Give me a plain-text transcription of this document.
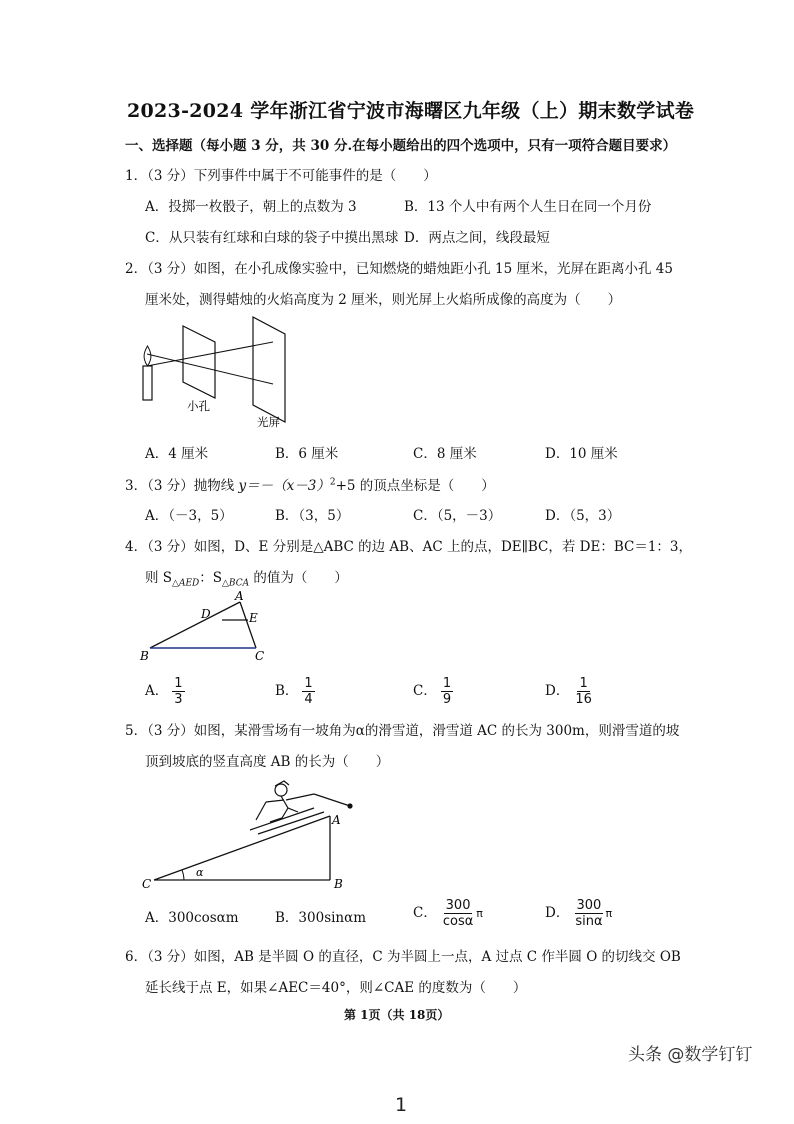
2023-2024 学年浙江省宁波市海曙区九年级（上）期末数学试卷
一、选择题（每小题 3 分，共 30 分.在每小题给出的四个选项中，只有一项符合题目要求）
1．（3 分）下列事件中属于不可能事件的是（　　）
A．投掷一枚骰子，朝上的点数为 3	B．13 个人中有两个人生日在同一个月份
C．从只装有红球和白球的袋子中摸出黑球 D．两点之间，线段最短
2．（3 分）如图，在小孔成像实验中，已知燃烧的蜡烛距小孔 15 厘米，光屏在距离小孔 45
厘米处，测得蜡烛的火焰高度为 2 厘米，则光屏上火焰所成像的高度为（　　）
小孔
光屏
A．4 厘米	B．6 厘米	C．8 厘米	D．10 厘米
3．（3 分）抛物线 $y=-(x-3)^2+5$ 的顶点坐标是（　　）
A．（－3，5）	B．（3，5）	C．（5，－3）	D．（5，3）
4．（3 分）如图，D、E 分别是△ABC 的边 AB、AC 上的点，DE∥BC，若 DE：BC＝1：3，
则 $S_{\triangle AED}$：$S_{\triangle BCA}$ 的值为（　　）
A
B	C
D	E
A． $\frac{1}{3}$	B． $\frac{1}{4}$	C． $\frac{1}{9}$	D． $\frac{1}{16}$
5．（3 分）如图，某滑雪场有一坡角为α的滑雪道，滑雪道 AC 的长为 300m，则滑雪道的坡
顶到坡底的竖直高度 AB 的长为（　　）
A
B
C
α
A．300cosαm	B．300sinαm	C． $\frac{300}{\cos\alpha}$ π	D． $\frac{300}{\sin\alpha}$ π
6．（3 分）如图，AB 是半圆 O 的直径，C 为半圆上一点，A 过点 C 作半圆 O 的切线交 OB
延长线于点 E，如果∠AEC＝40°，则∠CAE 的度数为（　　）
第 1页（共 18页）
头条 @数学钉钉
1
